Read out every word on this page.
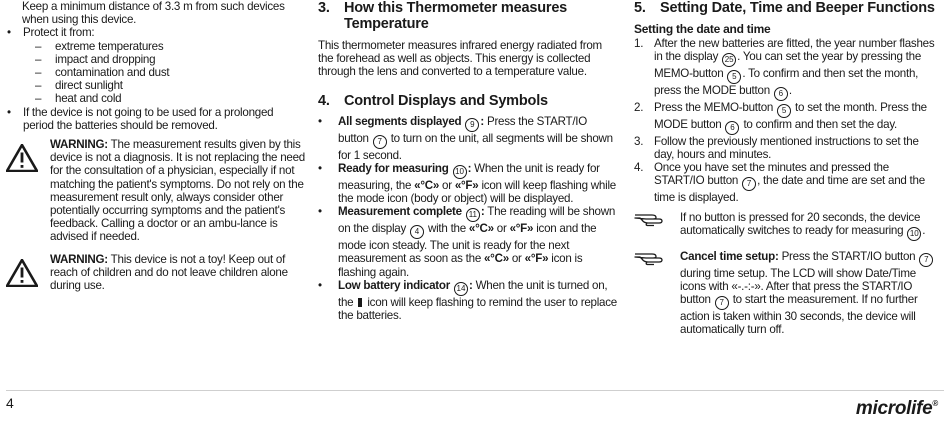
Keep a minimum distance of 3.3 m from such devices when using this device.

•	Protect it from:
–	extreme temperatures
–	impact and dropping
–	contamination and dust
–	direct sunlight
–	heat and cold
•	If the device is not going to be used for a prolonged period the batteries should be removed.
WARNING: The measurement results given by this device is not a diagnosis. It is not replacing the need for the consultation of a physician, especially if not matching the patient's symptoms. Do not rely on the measurement result only, always consider other potentially occurring symptoms and the patient's feedback. Calling a doctor or an ambu-lance is advised if needed.
WARNING: This device is not a toy! Keep out of reach of children and do not leave children alone during use.
3. How this Thermometer measures
Temperature

This thermometer measures infrared energy radiated from the forehead as well as objects. This energy is collected through the lens and converted to a temperature value.

4. Control Displays and Symbols
•	All segments displayed 9 : Press the START/IO button 7 to turn on the unit, all segments will be shown for 1 second.
•	Ready for measuring 10 : When the unit is ready for measuring, the «°C» or «°F» icon will keep flashing while the mode icon (body or object) will be displayed.
•	Measurement complete 11 : The reading will be shown on the display 4 with the «°C» or «°F» icon and the mode icon steady. The unit is ready for the next measurement as soon as the «°C» or «°F» icon is flashing again.
•	Low battery indicator 14 : When the unit is turned on, the  icon will keep flashing to remind the user to replace the batteries.
5. Setting Date, Time and Beeper Functions
Setting the date and time
1. After the new batteries are fitted, the year number flashes in the display 25 . You can set the year by pressing the MEMO-button 5 . To confirm and then set the month, press the MODE button 6 .
2. Press the MEMO-button 5 to set the month. Press the MODE button 6 to confirm and then set the day.
3. Follow the previously mentioned instructions to set the day, hours and minutes.
4. Once you have set the minutes and pressed the START/IO button 7 , the date and time are set and the time is displayed.
If no button is pressed for 20 seconds, the device automatically switches to ready for measuring 10 .
Cancel time setup: Press the START/IO button 7 during time setup. The LCD will show Date/Time icons with «-.-:-». After that press the START/IO button 7 to start the measurement. If no further action is taken within 30 seconds, the device will automatically turn off.
4	microlife®
